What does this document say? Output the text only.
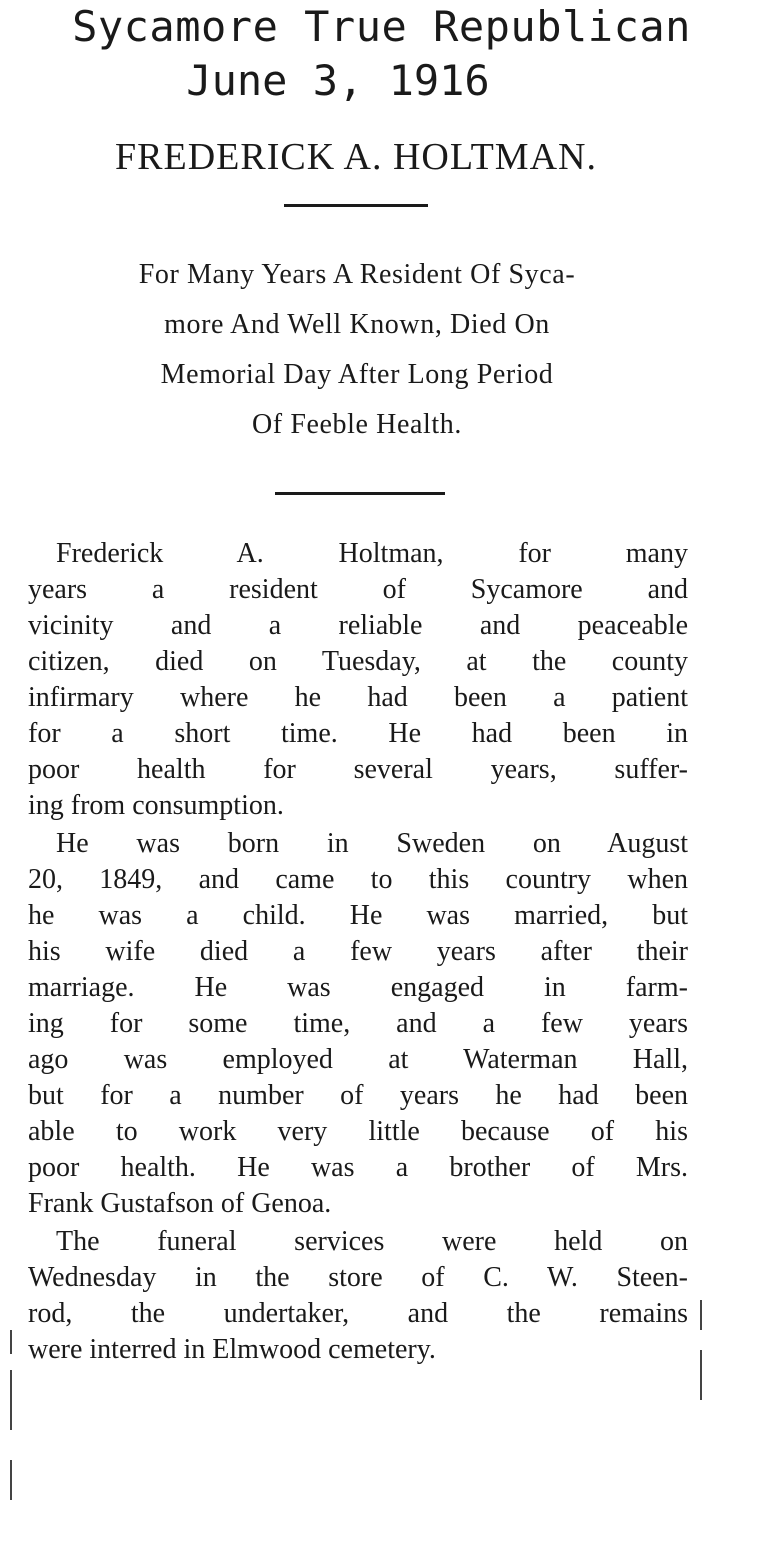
Sycamore True Republican
June 3, 1916
FREDERICK A. HOLTMAN.
For Many Years A Resident Of Syca-
more And Well Known, Died On
Memorial Day After Long Period
Of Feeble Health.
Frederick A. Holtman, for many
years a resident of Sycamore and
vicinity and a reliable and peaceable
citizen, died on Tuesday, at the county
infirmary where he had been a patient
for a short time. He had been in
poor health for several years, suffer-
ing from consumption.
He was born in Sweden on August
20, 1849, and came to this country when
he was a child. He was married, but
his wife died a few years after their
marriage. He was engaged in farm-
ing for some time, and a few years
ago was employed at Waterman Hall,
but for a number of years he had been
able to work very little because of his
poor health. He was a brother of Mrs.
Frank Gustafson of Genoa.
The funeral services were held on
Wednesday in the store of C. W. Steen-
rod, the undertaker, and the remains
were interred in Elmwood cemetery.
